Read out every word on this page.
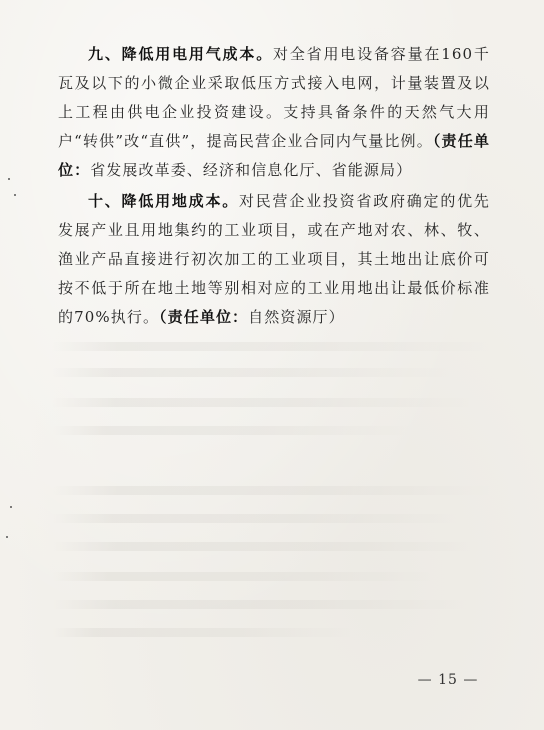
九、降低用电用气成本。对全省用电设备容量在160千瓦及以下的小微企业采取低压方式接入电网，计量装置及以上工程由供电企业投资建设。支持具备条件的天然气大用户“转供”改“直供”，提高民营企业合同内气量比例。（责任单位：省发展改革委、经济和信息化厅、省能源局）

十、降低用地成本。对民营企业投资省政府确定的优先发展产业且用地集约的工业项目，或在产地对农、林、牧、渔业产品直接进行初次加工的工业项目，其土地出让底价可按不低于所在地土地等别相对应的工业用地出让最低价标准的70%执行。（责任单位：自然资源厅）

— 15 —
